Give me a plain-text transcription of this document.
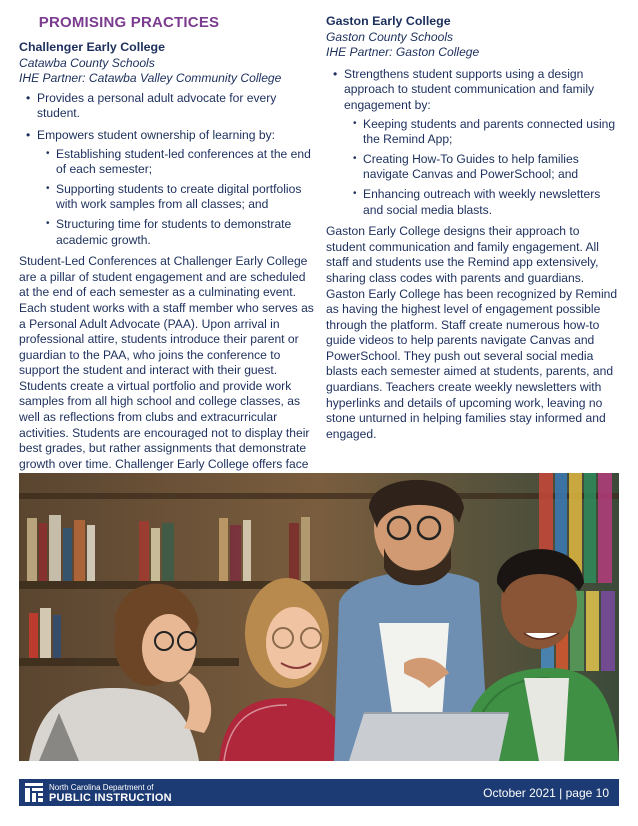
PROMISING PRACTICES

Challenger Early College

Catawba County Schools

IHE Partner: Catawba Valley Community College

• Provides a personal adult advocate for every student.
• Empowers student ownership of learning by:
• Establishing student-led conferences at the end of each semester;
• Supporting students to create digital portfolios with work samples from all classes; and
• Structuring time for students to demonstrate academic growth.

Student-Led Conferences at Challenger Early College are a pillar of student engagement and are scheduled at the end of each semester as a culminating event. Each student works with a staff member who serves as a Personal Adult Advocate (PAA). Upon arrival in professional attire, students introduce their parent or guardian to the PAA, who joins the conference to support the student and interact with their guest. Students create a virtual portfolio and provide work samples from all high school and college classes, as well as reflections from clubs and extracurricular activities. Students are encouraged not to display their best grades, but rather assignments that demonstrate growth over time. Challenger Early College offers face

Gaston Early College

Gaston County Schools

IHE Partner: Gaston College

• Strengthens student supports using a design approach to student communication and family engagement by:
• Keeping students and parents connected using the Remind App;
• Creating How-To Guides to help families navigate Canvas and PowerSchool; and
• Enhancing outreach with weekly newsletters and social media blasts.

Gaston Early College designs their approach to student communication and family engagement. All staff and students use the Remind app extensively, sharing class codes with parents and guardians. Gaston Early College has been recognized by Remind as having the highest level of engagement possible through the platform. Staff create numerous how-to guide videos to help parents navigate Canvas and PowerSchool. They push out several social media blasts each semester aimed at students, parents, and guardians. Teachers create weekly newsletters with hyperlinks and details of upcoming work, leaving no stone unturned in helping families stay informed and engaged.

North Carolina Department of
PUBLIC INSTRUCTION	October 2021 | page 10
